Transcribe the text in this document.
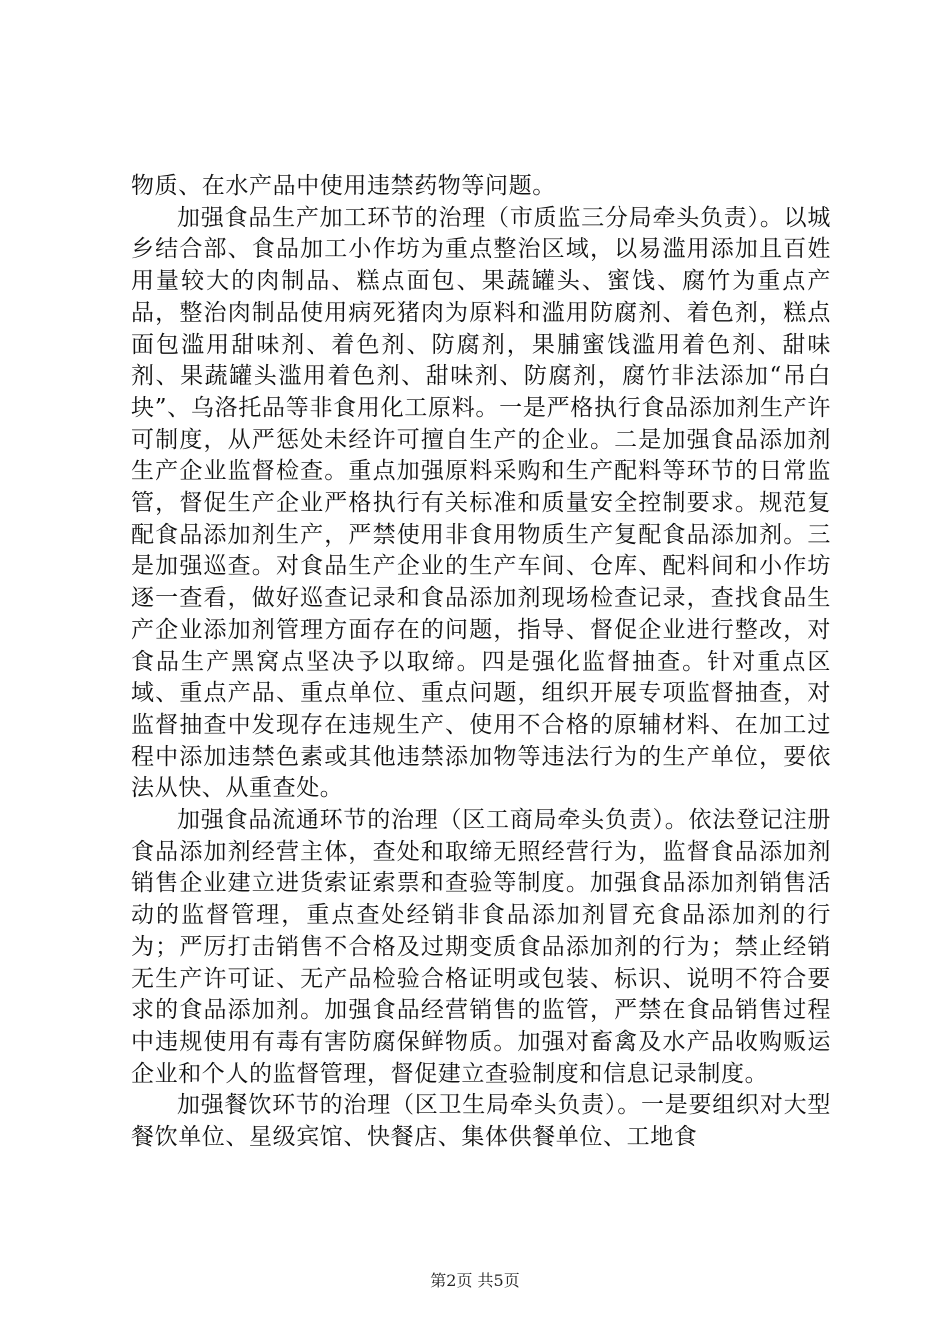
物质、在水产品中使用违禁药物等问题。

加强食品生产加工环节的治理（市质监三分局牵头负责）。以城乡结合部、食品加工小作坊为重点整治区域，以易滥用添加且百姓用量较大的肉制品、糕点面包、果蔬罐头、蜜饯、腐竹为重点产品，整治肉制品使用病死猪肉为原料和滥用防腐剂、着色剂，糕点面包滥用甜味剂、着色剂、防腐剂，果脯蜜饯滥用着色剂、甜味剂、果蔬罐头滥用着色剂、甜味剂、防腐剂，腐竹非法添加“吊白块”、乌洛托品等非食用化工原料。一是严格执行食品添加剂生产许可制度，从严惩处未经许可擅自生产的企业。二是加强食品添加剂生产企业监督检查。重点加强原料采购和生产配料等环节的日常监管，督促生产企业严格执行有关标准和质量安全控制要求。规范复配食品添加剂生产，严禁使用非食用物质生产复配食品添加剂。三是加强巡查。对食品生产企业的生产车间、仓库、配料间和小作坊逐一查看，做好巡查记录和食品添加剂现场检查记录，查找食品生产企业添加剂管理方面存在的问题，指导、督促企业进行整改，对食品生产黑窝点坚决予以取缔。四是强化监督抽查。针对重点区域、重点产品、重点单位、重点问题，组织开展专项监督抽查，对监督抽查中发现存在违规生产、使用不合格的原辅材料、在加工过程中添加违禁色素或其他违禁添加物等违法行为的生产单位，要依法从快、从重查处。

加强食品流通环节的治理（区工商局牵头负责）。依法登记注册食品添加剂经营主体，查处和取缔无照经营行为，监督食品添加剂销售企业建立进货索证索票和查验等制度。加强食品添加剂销售活动的监督管理，重点查处经销非食品添加剂冒充食品添加剂的行为；严厉打击销售不合格及过期变质食品添加剂的行为；禁止经销无生产许可证、无产品检验合格证明或包装、标识、说明不符合要求的食品添加剂。加强食品经营销售的监管，严禁在食品销售过程中违规使用有毒有害防腐保鲜物质。加强对畜禽及水产品收购贩运企业和个人的监督管理，督促建立查验制度和信息记录制度。

加强餐饮环节的治理（区卫生局牵头负责）。一是要组织对大型餐饮单位、星级宾馆、快餐店、集体供餐单位、工地食

第2页 共5页
